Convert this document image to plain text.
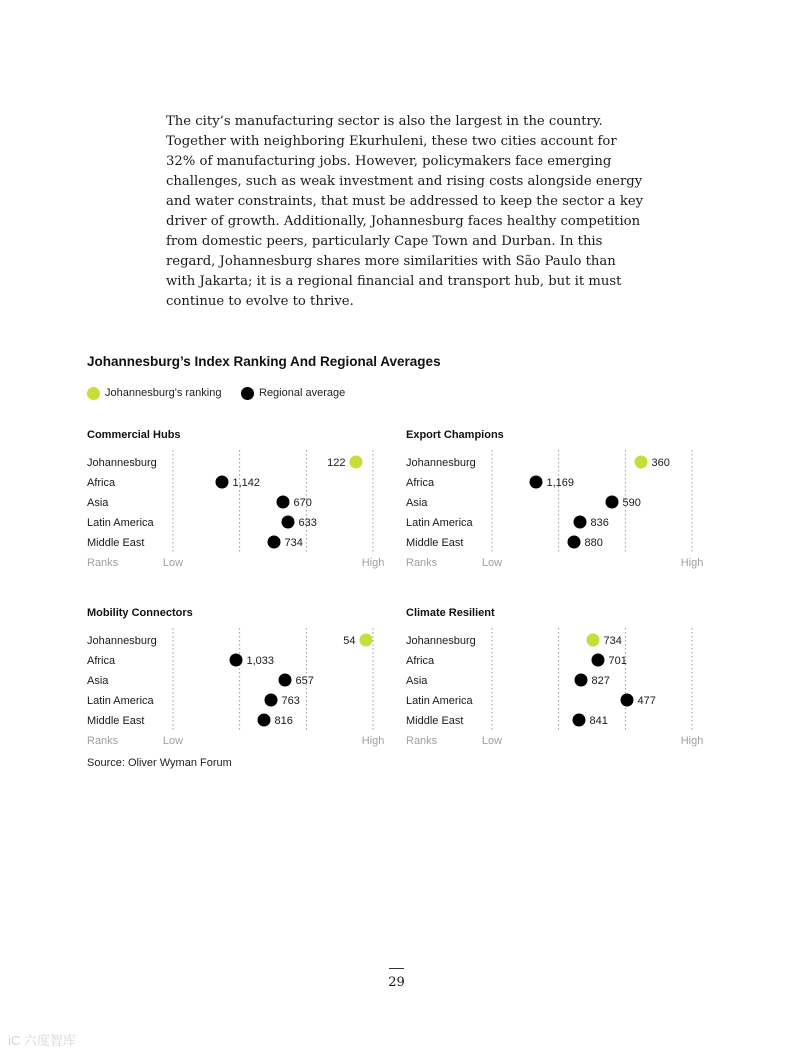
The city’s manufacturing sector is also the largest in the country. Together with neighboring Ekurhuleni, these two cities account for 32% of manufacturing jobs. However, policymakers face emerging challenges, such as weak investment and rising costs alongside energy and water constraints, that must be addressed to keep the sector a key driver of growth. Additionally, Johannesburg faces healthy competition from domestic peers, particularly Cape Town and Durban. In this regard, Johannesburg shares more similarities with São Paulo than with Jakarta; it is a regional financial and transport hub, but it must continue to evolve to thrive.

Johannesburg’s Index Ranking And Regional Averages
Johannesburg's ranking	Regional average
Johannesburg	122
Africa	1,142
Asia	670
Latin America	633
Middle East	734
Ranks	Low	High
Commercial Hubs
Johannesburg	360
Africa	1,169
Asia	590
Latin America	836
Middle East	880
Ranks	Low	High
Export Champions
Johannesburg	54
Africa	1,033
Asia	657
Latin America	763
Middle East	816
Ranks	Low	High
Mobility Connectors
Johannesburg	734
Africa	701
Asia	827
Latin America	477
Middle East	841
Ranks	Low	High
Climate Resilient

Source: Oliver Wyman Forum

29
iC 六度智库
